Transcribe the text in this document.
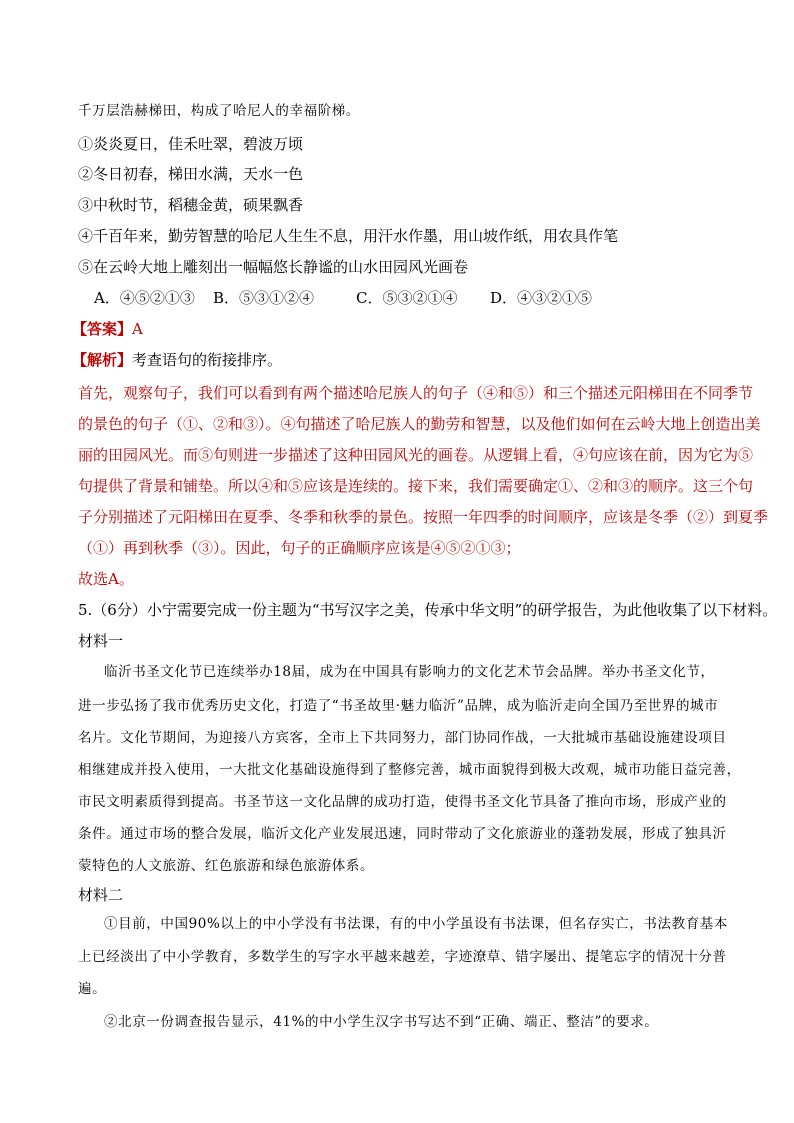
千万层浩赫梯田，构成了哈尼人的幸福阶梯。
①炎炎夏日，佳禾吐翠，碧波万顷
②冬日初春，梯田水满，天水一色
③中秋时节，稻穗金黄，硕果飘香
④千百年来，勤劳智慧的哈尼人生生不息，用汗水作墨，用山坡作纸，用农具作笔
⑤在云岭大地上雕刻出一幅幅悠长静谧的山水田园风光画卷
A．④⑤②①③ B．⑤③①②④	C．⑤③②①④ D．④③②①⑤
【答案】A
【解析】考查语句的衔接排序。
首先，观察句子，我们可以看到有两个描述哈尼族人的句子（④和⑤）和三个描述元阳梯田在不同季节
的景色的句子（①、②和③）。④句描述了哈尼族人的勤劳和智慧，以及他们如何在云岭大地上创造出美
丽的田园风光。而⑤句则进一步描述了这种田园风光的画卷。从逻辑上看，④句应该在前，因为它为⑤
句提供了背景和铺垫。所以④和⑤应该是连续的。接下来，我们需要确定①、②和③的顺序。这三个句
子分别描述了元阳梯田在夏季、冬季和秋季的景色。按照一年四季的时间顺序，应该是冬季（②）到夏季
（①）再到秋季（③）。因此，句子的正确顺序应该是④⑤②①③；
故选A。
5.（6分）小宁需要完成一份主题为“书写汉字之美，传承中华文明”的研学报告，为此他收集了以下材料。
材料一
临沂书圣文化节已连续举办18届，成为在中国具有影响力的文化艺术节会品牌。举办书圣文化节，
进一步弘扬了我市优秀历史文化，打造了“书圣故里·魅力临沂”品牌，成为临沂走向全国乃至世界的城市
名片。文化节期间，为迎接八方宾客，全市上下共同努力，部门协同作战，一大批城市基础设施建设项目
相继建成并投入使用，一大批文化基础设施得到了整修完善，城市面貌得到极大改观，城市功能日益完善，
市民文明素质得到提高。书圣节这一文化品牌的成功打造，使得书圣文化节具备了推向市场，形成产业的
条件。通过市场的整合发展，临沂文化产业发展迅速，同时带动了文化旅游业的蓬勃发展，形成了独具沂
蒙特色的人文旅游、红色旅游和绿色旅游体系。
材料二
①目前，中国90%以上的中小学没有书法课，有的中小学虽设有书法课，但名存实亡，书法教育基本
上已经淡出了中小学教育，多数学生的写字水平越来越差，字迹潦草、错字屡出、提笔忘字的情况十分普
遍。
②北京一份调查报告显示，41%的中小学生汉字书写达不到“正确、端正、整洁”的要求。
